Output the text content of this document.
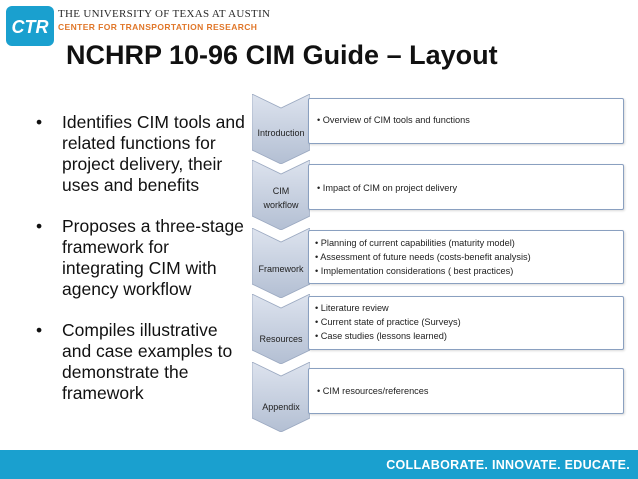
CTR
THE UNIVERSITY OF TEXAS AT AUSTIN
CENTER FOR TRANSPORTATION RESEARCH
NCHRP 10-96 CIM Guide – Layout
• Identifies CIM tools and related functions for project delivery, their uses and benefits
• Proposes a three-stage framework for integrating CIM with agency workflow
• Compiles illustrative and case examples to demonstrate the framework
Introduction
• Overview of CIM tools and functions
CIM workflow
• Impact of CIM on project delivery
Framework
• Planning of current capabilities (maturity model)
• Assessment of future needs (costs-benefit analysis)
• Implementation considerations ( best practices)
Resources
• Literature review
• Current state of practice (Surveys)
• Case studies (lessons learned)
Appendix
• CIM resources/references
COLLABORATE. INNOVATE. EDUCATE.
